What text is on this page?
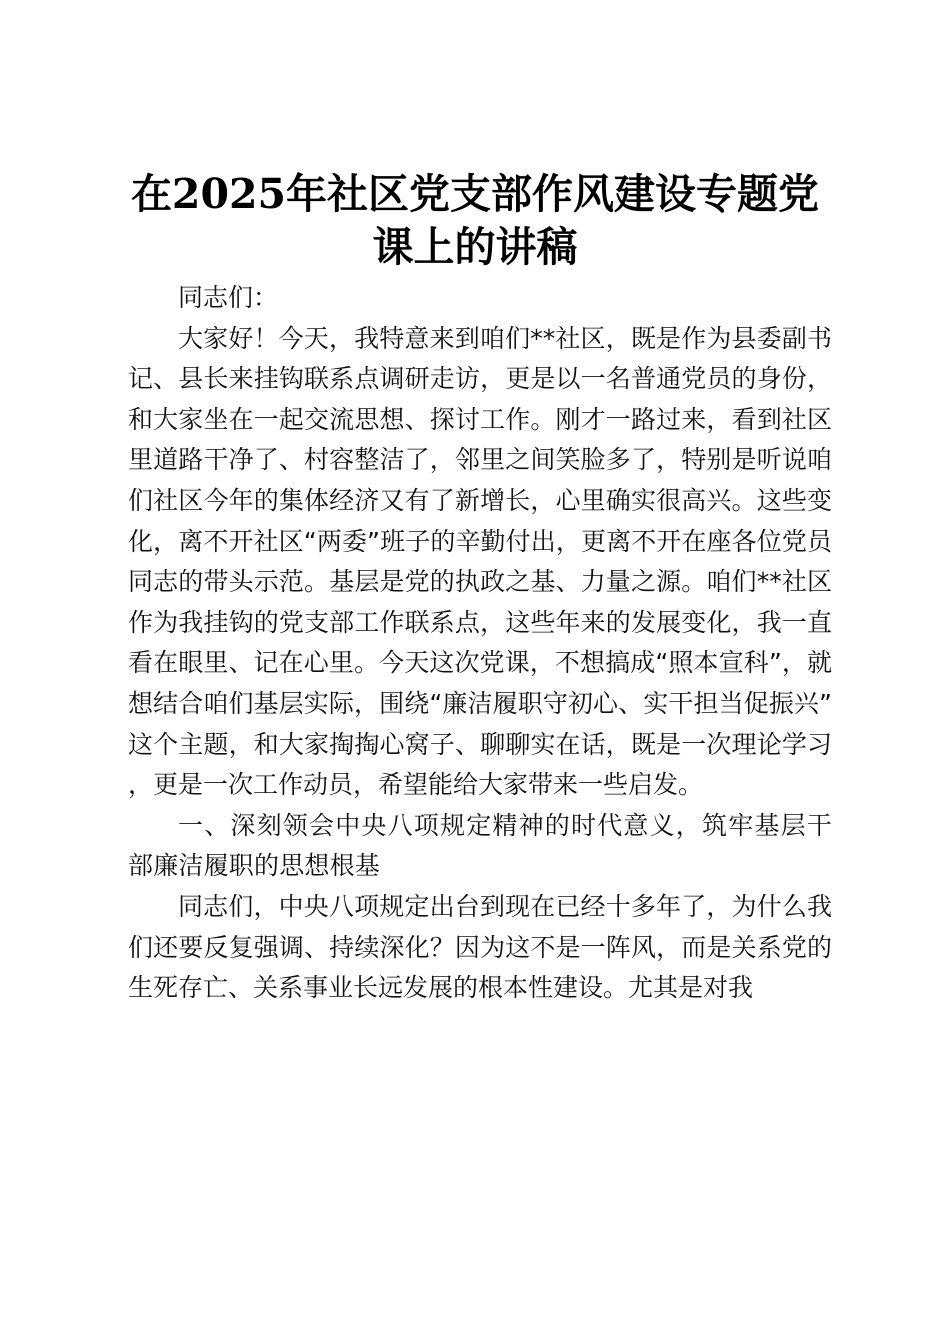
在2025年社区党支部作风建设专题党课上的讲稿

同志们：

大家好！今天，我特意来到咱们**社区，既是作为县委副书记、县长来挂钩联系点调研走访，更是以一名普通党员的身份，和大家坐在一起交流思想、探讨工作。刚才一路过来，看到社区里道路干净了、村容整洁了，邻里之间笑脸多了，特别是听说咱们社区今年的集体经济又有了新增长，心里确实很高兴。这些变化，离不开社区“两委”班子的辛勤付出，更离不开在座各位党员同志的带头示范。基层是党的执政之基、力量之源。咱们**社区作为我挂钩的党支部工作联系点，这些年来的发展变化，我一直看在眼里、记在心里。今天这次党课，不想搞成“照本宣科”，就想结合咱们基层实际，围绕“廉洁履职守初心、实干担当促振兴”这个主题，和大家掏掏心窝子、聊聊实在话，既是一次理论学习，更是一次工作动员，希望能给大家带来一些启发。

一、深刻领会中央八项规定精神的时代意义，筑牢基层干部廉洁履职的思想根基

同志们，中央八项规定出台到现在已经十多年了，为什么我们还要反复强调、持续深化？因为这不是一阵风，而是关系党的生死存亡、关系事业长远发展的根本性建设。尤其是对我
